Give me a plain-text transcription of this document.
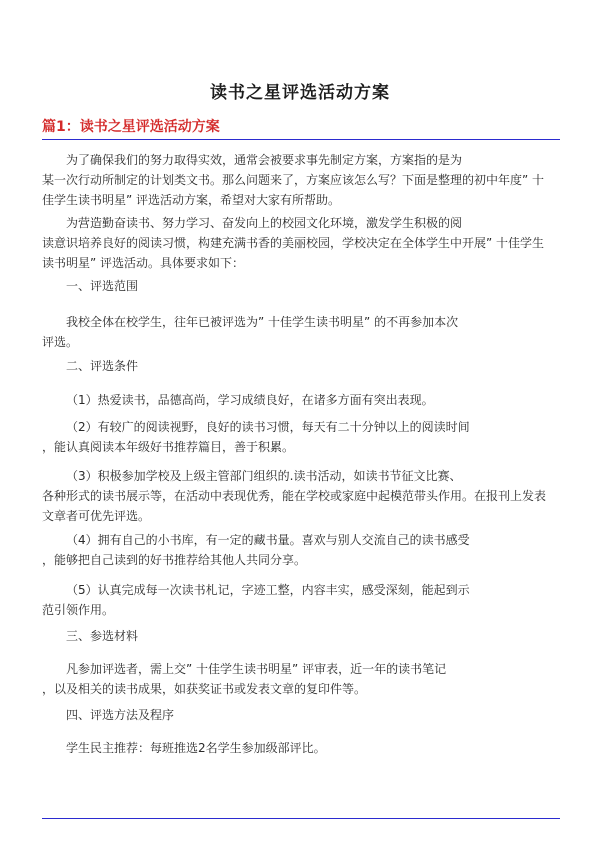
读书之星评选活动方案
篇1：读书之星评选活动方案
为了确保我们的努力取得实效，通常会被要求事先制定方案，方案指的是为
某一次行动所制定的计划类文书。那么问题来了，方案应该怎么写？下面是整理的初中年度” 十
佳学生读书明星” 评选活动方案，希望对大家有所帮助。
为营造勤奋读书、努力学习、奋发向上的校园文化环境，激发学生积极的阅
读意识培养良好的阅读习惯，构建充满书香的美丽校园，学校决定在全体学生中开展” 十佳学生
读书明星” 评选活动。具体要求如下：
一、评选范围
我校全体在校学生，往年已被评选为” 十佳学生读书明星” 的不再参加本次
评选。
二、评选条件
（1）热爱读书，品德高尚，学习成绩良好，在诸多方面有突出表现。
（2）有较广的阅读视野，良好的读书习惯，每天有二十分钟以上的阅读时间
，能认真阅读本年级好书推荐篇目，善于积累。
（3）积极参加学校及上级主管部门组织的.读书活动，如读书节征文比赛、
各种形式的读书展示等，在活动中表现优秀，能在学校或家庭中起模范带头作用。在报刊上发表
文章者可优先评选。
（4）拥有自己的小书库，有一定的藏书量。喜欢与别人交流自己的读书感受
，能够把自己读到的好书推荐给其他人共同分享。
（5）认真完成每一次读书札记，字迹工整，内容丰实，感受深刻，能起到示
范引领作用。
三、参选材料
凡参加评选者，需上交” 十佳学生读书明星” 评审表，近一年的读书笔记
，以及相关的读书成果，如获奖证书或发表文章的复印件等。
四、评选方法及程序
学生民主推荐：每班推选2名学生参加级部评比。
